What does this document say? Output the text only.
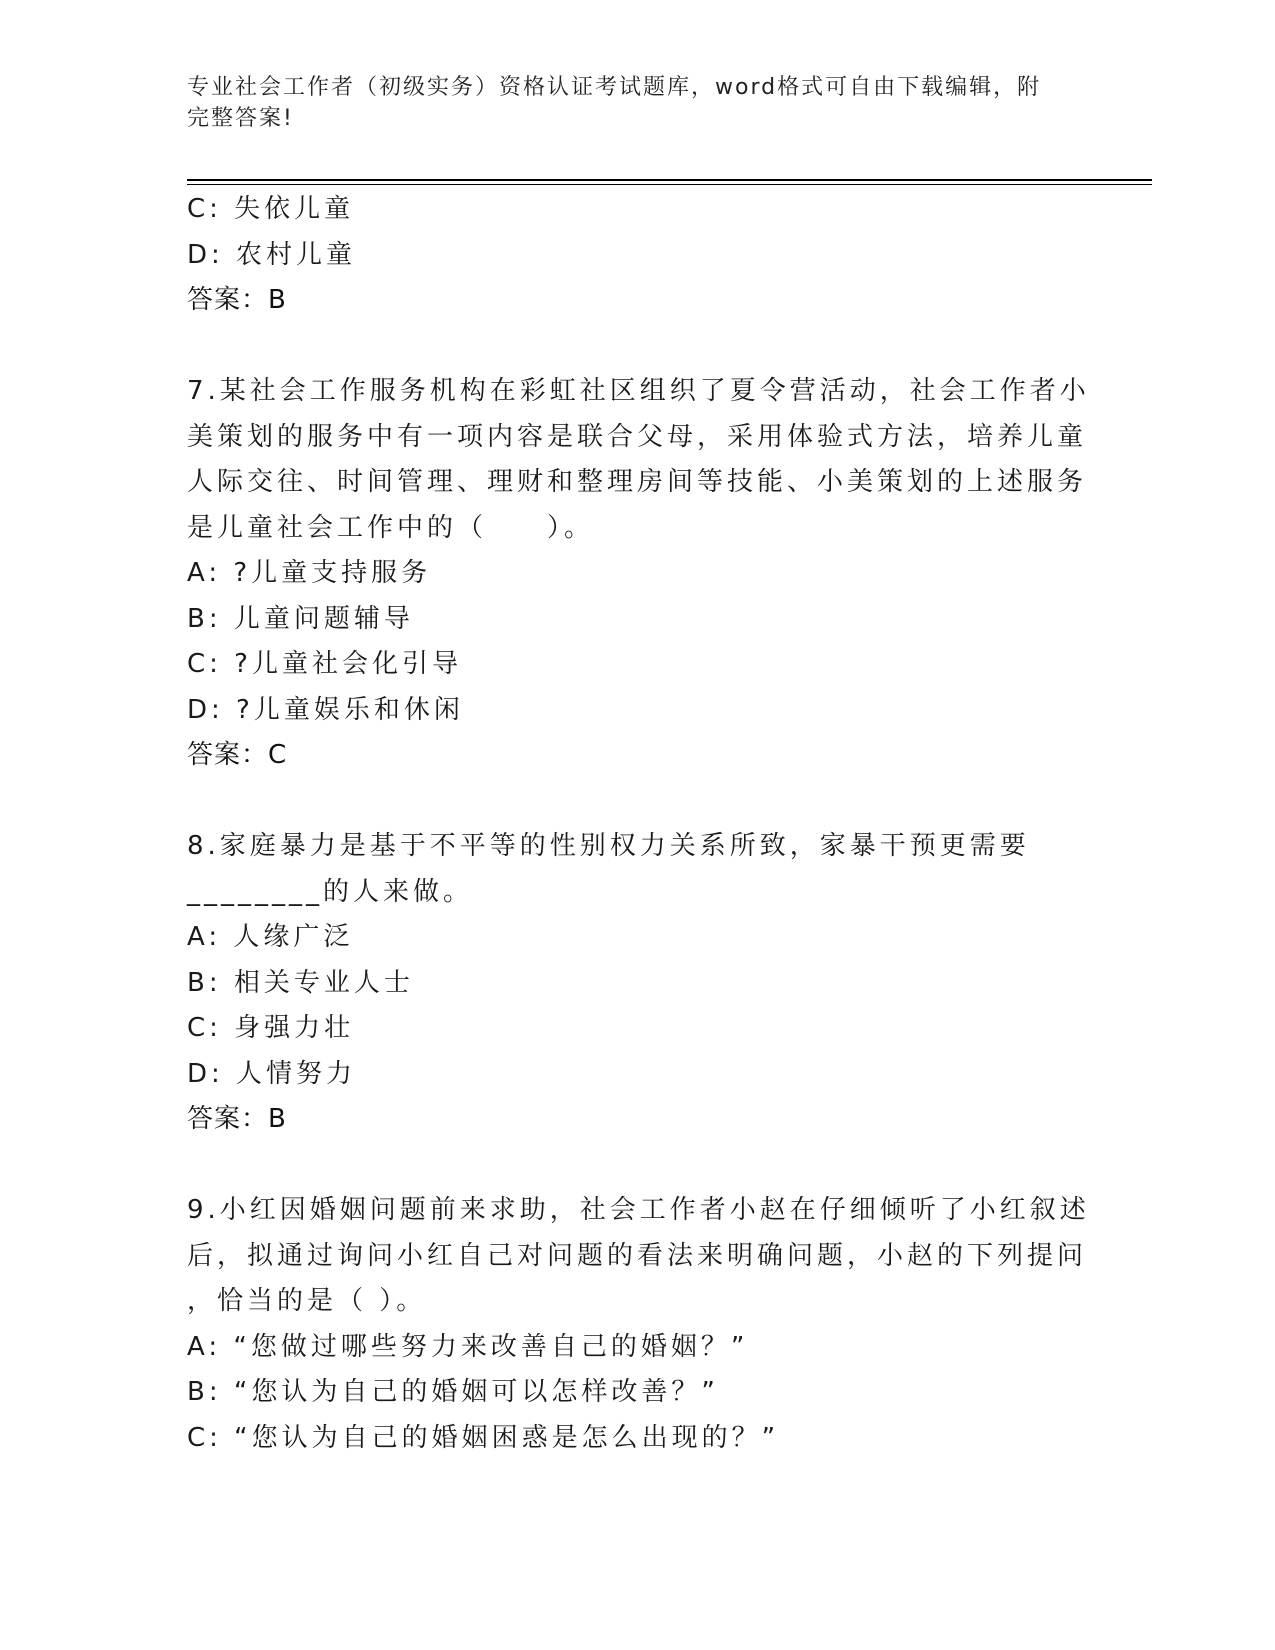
专业社会工作者（初级实务）资格认证考试题库，word格式可自由下载编辑，附
完整答案!
C: 失依儿童
D: 农村儿童
答案：B
7.某社会工作服务机构在彩虹社区组织了夏令营活动，社会工作者小
美策划的服务中有一项内容是联合父母，采用体验式方法，培养儿童
人际交往、时间管理、理财和整理房间等技能、小美策划的上述服务
是儿童社会工作中的（　　）。
A: ?儿童支持服务
B: 儿童问题辅导
C: ?儿童社会化引导
D: ?儿童娱乐和休闲
答案：C
8.家庭暴力是基于不平等的性别权力关系所致，家暴干预更需要
________的人来做。
A: 人缘广泛
B: 相关专业人士
C: 身强力壮
D: 人情努力
答案：B
9.小红因婚姻问题前来求助，社会工作者小赵在仔细倾听了小红叙述
后，拟通过询问小红自己对问题的看法来明确问题，小赵的下列提问
，恰当的是（ ）。
A: “您做过哪些努力来改善自己的婚姻？”
B: “您认为自己的婚姻可以怎样改善？”
C: “您认为自己的婚姻困惑是怎么出现的？”
